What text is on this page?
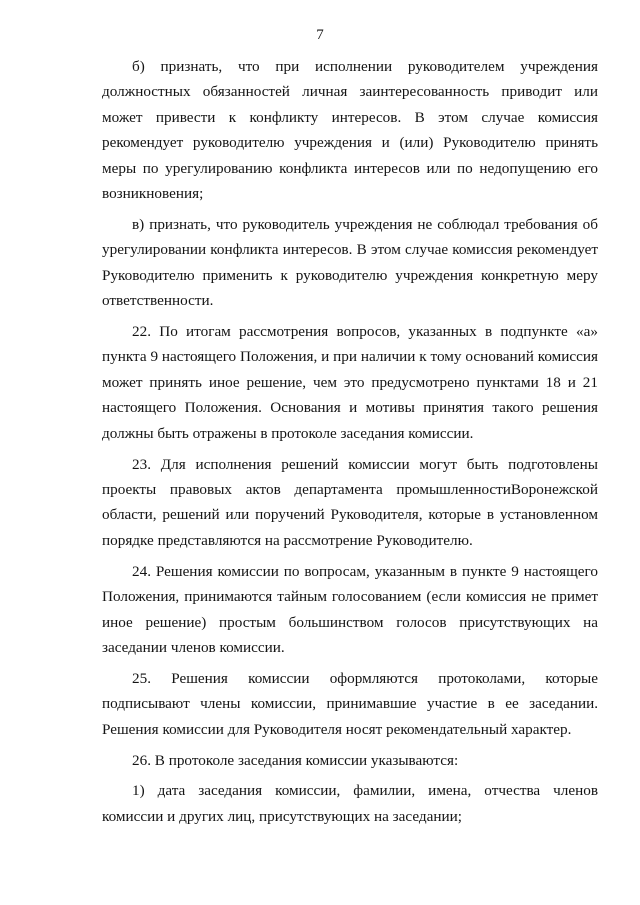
7

б) признать, что при исполнении руководителем учреждения должностных обязанностей личная заинтересованность приводит или может привести к конфликту интересов. В этом случае комиссия рекомендует руководителю учреждения и (или) Руководителю принять меры по урегулированию конфликта интересов или по недопущению его возникновения;

в) признать, что руководитель учреждения не соблюдал требования об урегулировании конфликта интересов. В этом случае комиссия рекомендует Руководителю применить к руководителю учреждения конкретную меру ответственности.

22. По итогам рассмотрения вопросов, указанных в подпункте «а» пункта 9 настоящего Положения, и при наличии к тому оснований комиссия может принять иное решение, чем это предусмотрено пунктами 18 и 21 настоящего Положения. Основания и мотивы принятия такого решения должны быть отражены в протоколе заседания комиссии.

23. Для исполнения решений комиссии могут быть подготовлены проекты правовых актов департамента промышленностиВоронежской области, решений или поручений Руководителя, которые в установленном порядке представляются на рассмотрение Руководителю.

24. Решения комиссии по вопросам, указанным в пункте 9 настоящего Положения, принимаются тайным голосованием (если комиссия не примет иное решение) простым большинством голосов присутствующих на заседании членов комиссии.

25. Решения комиссии оформляются протоколами, которые подписывают члены комиссии, принимавшие участие в ее заседании. Решения комиссии для Руководителя носят рекомендательный характер.

26. В протоколе заседания комиссии указываются:

1) дата заседания комиссии, фамилии, имена, отчества членов комиссии и других лиц, присутствующих на заседании;
